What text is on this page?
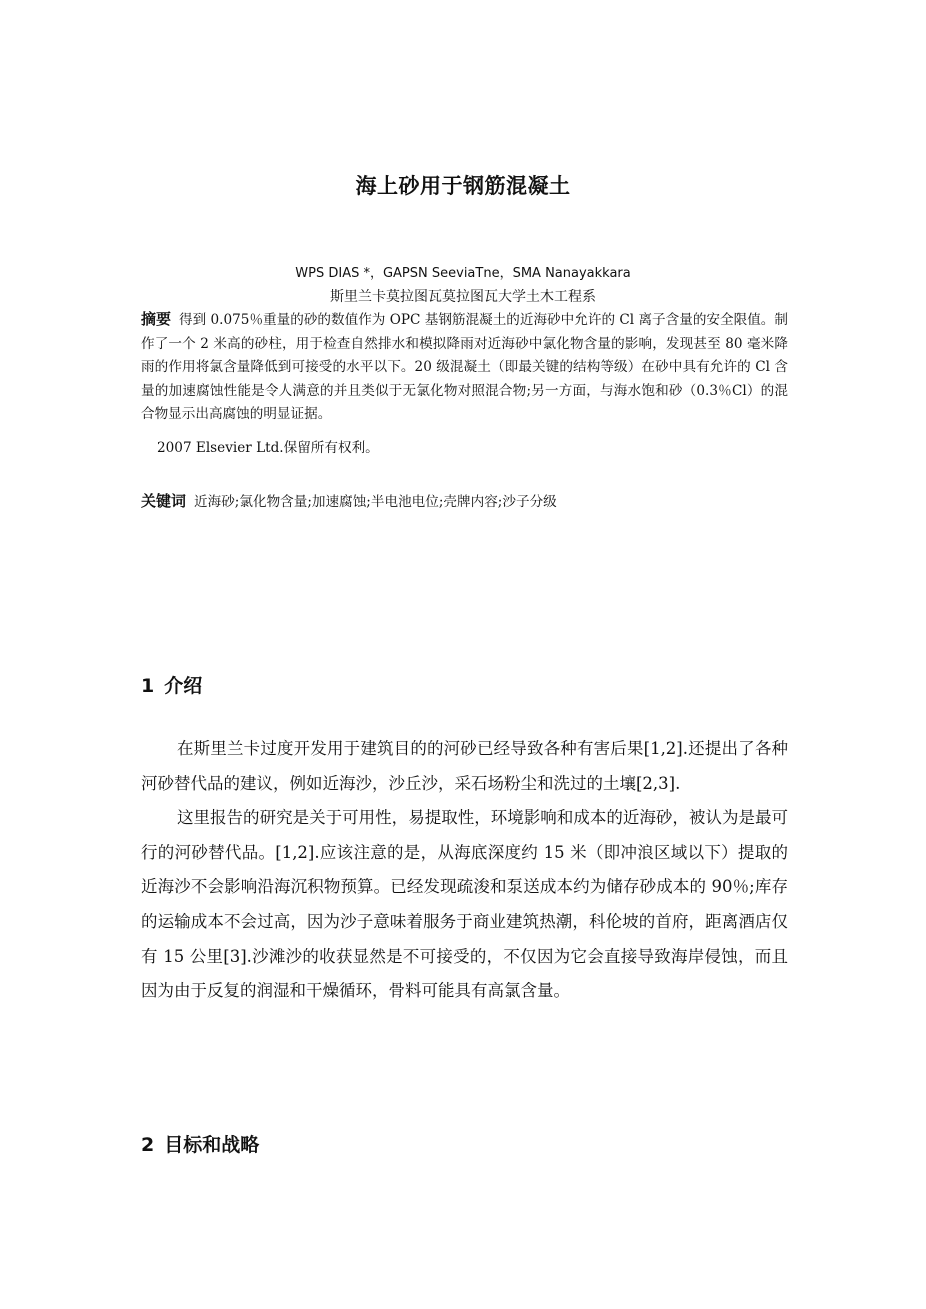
海上砂用于钢筋混凝土
WPS DIAS *，GAPSN SeeviaTne，SMA Nanayakkara
斯里兰卡莫拉图瓦莫拉图瓦大学土木工程系
摘要 得到 0.075％重量的砂的数值作为 OPC 基钢筋混凝土的近海砂中允许的 Cl 离子含量的安全限值。制作了一个 2 米高的砂柱，用于检查自然排水和模拟降雨对近海砂中氯化物含量的影响，发现甚至 80 毫米降雨的作用将氯含量降低到可接受的水平以下。20 级混凝土（即最关键的结构等级）在砂中具有允许的 Cl 含量的加速腐蚀性能是令人满意的并且类似于无氯化物对照混合物;另一方面，与海水饱和砂（0.3％Cl）的混合物显示出高腐蚀的明显证据。
2007 Elsevier Ltd.保留所有权利。
关键词 近海砂;氯化物含量;加速腐蚀;半电池电位;壳牌内容;沙子分级
1 介绍

在斯里兰卡过度开发用于建筑目的的河砂已经导致各种有害后果[1,2].还提出了各种河砂替代品的建议，例如近海沙，沙丘沙，采石场粉尘和洗过的土壤[2,3].

这里报告的研究是关于可用性，易提取性，环境影响和成本的近海砂，被认为是最可行的河砂替代品。[1,2].应该注意的是，从海底深度约 15 米（即冲浪区域以下）提取的近海沙不会影响沿海沉积物预算。已经发现疏浚和泵送成本约为储存砂成本的 90％;库存的运输成本不会过高，因为沙子意味着服务于商业建筑热潮，科伦坡的首府，距离酒店仅有 15 公里[3].沙滩沙的收获显然是不可接受的，不仅因为它会直接导致海岸侵蚀，而且因为由于反复的润湿和干燥循环，骨料可能具有高氯含量。

2 目标和战略
